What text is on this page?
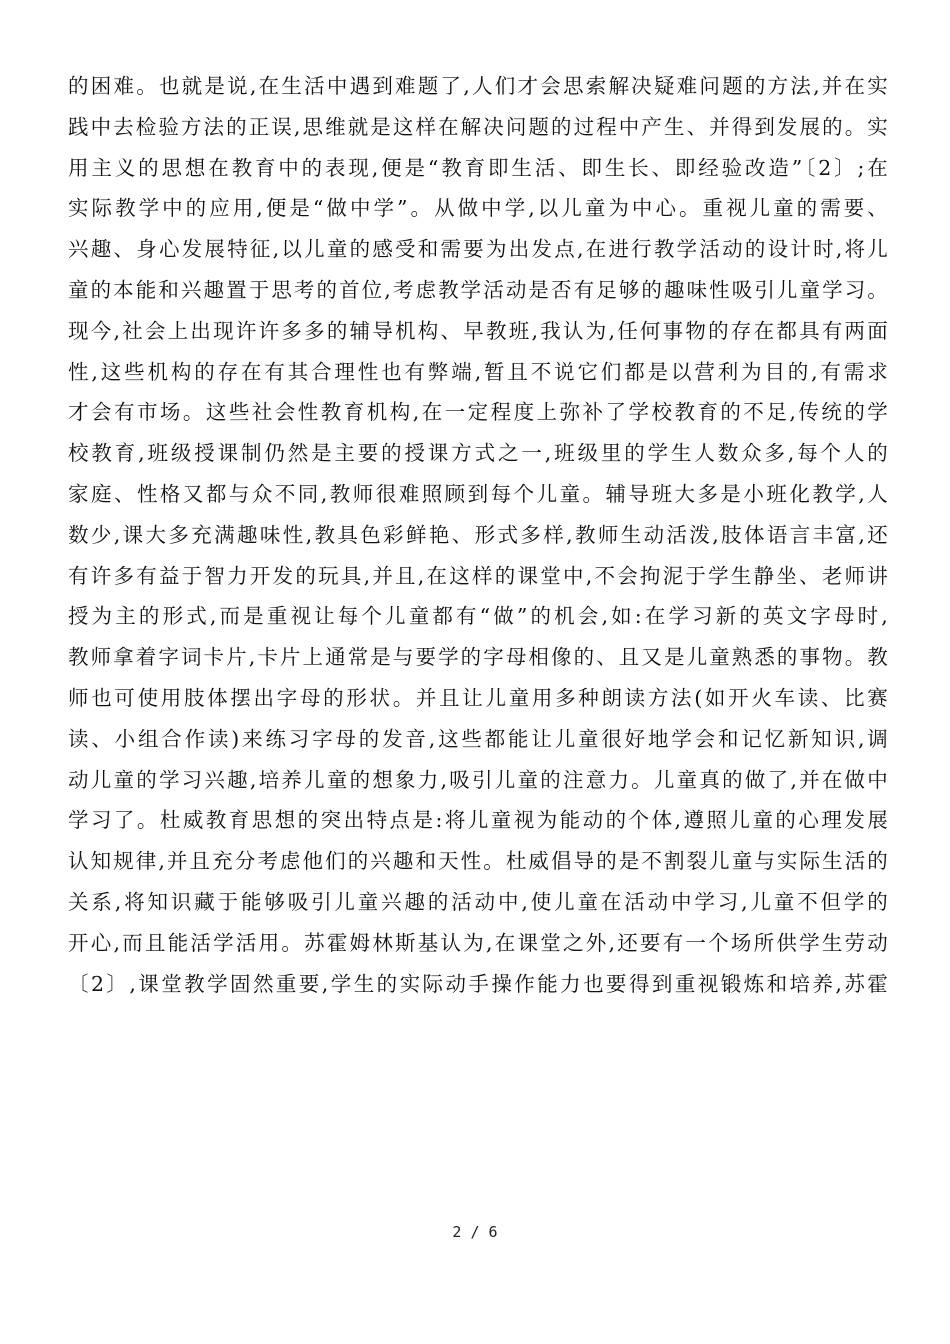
的困难。也就是说,在生活中遇到难题了,人们才会思索解决疑难问题的方法,并在实
践中去检验方法的正误,思维就是这样在解决问题的过程中产生、并得到发展的。实
用主义的思想在教育中的表现,便是“教育即生活、即生长、即经验改造”〔2〕;在
实际教学中的应用,便是“做中学”。从做中学,以儿童为中心。重视儿童的需要、
兴趣、身心发展特征,以儿童的感受和需要为出发点,在进行教学活动的设计时,将儿
童的本能和兴趣置于思考的首位,考虑教学活动是否有足够的趣味性吸引儿童学习。
现今,社会上出现许许多多的辅导机构、早教班,我认为,任何事物的存在都具有两面
性,这些机构的存在有其合理性也有弊端,暂且不说它们都是以营利为目的,有需求
才会有市场。这些社会性教育机构,在一定程度上弥补了学校教育的不足,传统的学
校教育,班级授课制仍然是主要的授课方式之一,班级里的学生人数众多,每个人的
家庭、性格又都与众不同,教师很难照顾到每个儿童。辅导班大多是小班化教学,人
数少,课大多充满趣味性,教具色彩鲜艳、形式多样,教师生动活泼,肢体语言丰富,还
有许多有益于智力开发的玩具,并且,在这样的课堂中,不会拘泥于学生静坐、老师讲
授为主的形式,而是重视让每个儿童都有“做”的机会,如:在学习新的英文字母时,
教师拿着字词卡片,卡片上通常是与要学的字母相像的、且又是儿童熟悉的事物。教
师也可使用肢体摆出字母的形状。并且让儿童用多种朗读方法(如开火车读、比赛
读、小组合作读)来练习字母的发音,这些都能让儿童很好地学会和记忆新知识,调
动儿童的学习兴趣,培养儿童的想象力,吸引儿童的注意力。儿童真的做了,并在做中
学习了。杜威教育思想的突出特点是:将儿童视为能动的个体,遵照儿童的心理发展
认知规律,并且充分考虑他们的兴趣和天性。杜威倡导的是不割裂儿童与实际生活的
关系,将知识藏于能够吸引儿童兴趣的活动中,使儿童在活动中学习,儿童不但学的
开心,而且能活学活用。苏霍姆林斯基认为,在课堂之外,还要有一个场所供学生劳动
〔2〕,课堂教学固然重要,学生的实际动手操作能力也要得到重视锻炼和培养,苏霍
2 / 6
